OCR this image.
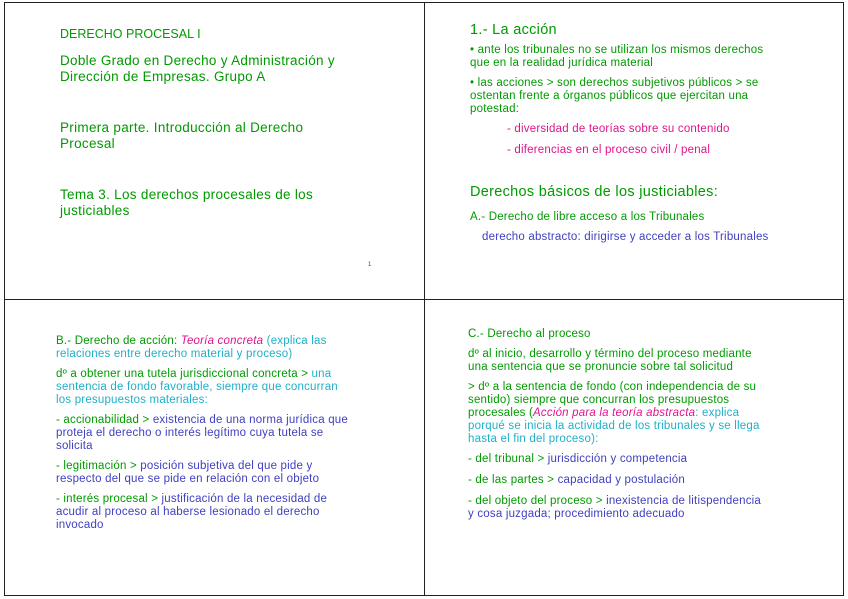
DERECHO PROCESAL I

Doble Grado en Derecho y Administración y

Dirección de Empresas. Grupo A

Primera parte. Introducción al Derecho

Procesal

Tema 3. Los derechos procesales de los

justiciables

1

1.- La acción

• ante los tribunales no se utilizan los mismos derechos

que en la realidad jurídica material

• las acciones > son derechos subjetivos públicos > se

ostentan frente a órganos públicos que ejercitan una

potestad:

- diversidad de teorías sobre su contenido

- diferencias en el proceso civil / penal

Derechos básicos de los justiciables:

A.- Derecho de libre acceso a los Tribunales

derecho abstracto: dirigirse y acceder a los Tribunales

B.- Derecho de acción: Teoría concreta (explica las

relaciones entre derecho material y proceso)

dº a obtener una tutela jurisdiccional concreta > una

sentencia de fondo favorable, siempre que concurran

los presupuestos materiales:

- accionabilidad > existencia de una norma jurídica que

proteja el derecho o interés legítimo cuya tutela se

solicita

- legitimación > posición subjetiva del que pide y

respecto del que se pide en relación con el objeto

- interés procesal > justificación de la necesidad de

acudir al proceso al haberse lesionado el derecho

invocado

C.- Derecho al proceso

dº al inicio, desarrollo y término del proceso mediante

una sentencia que se pronuncie sobre tal solicitud

> dº a la sentencia de fondo (con independencia de su

sentido) siempre que concurran los presupuestos

procesales (Acción para la teoría abstracta: explica

porqué se inicia la actividad de los tribunales y se llega

hasta el fin del proceso):

- del tribunal > jurisdicción y competencia

- de las partes > capacidad y postulación

- del objeto del proceso > inexistencia de litispendencia

y cosa juzgada; procedimiento adecuado
